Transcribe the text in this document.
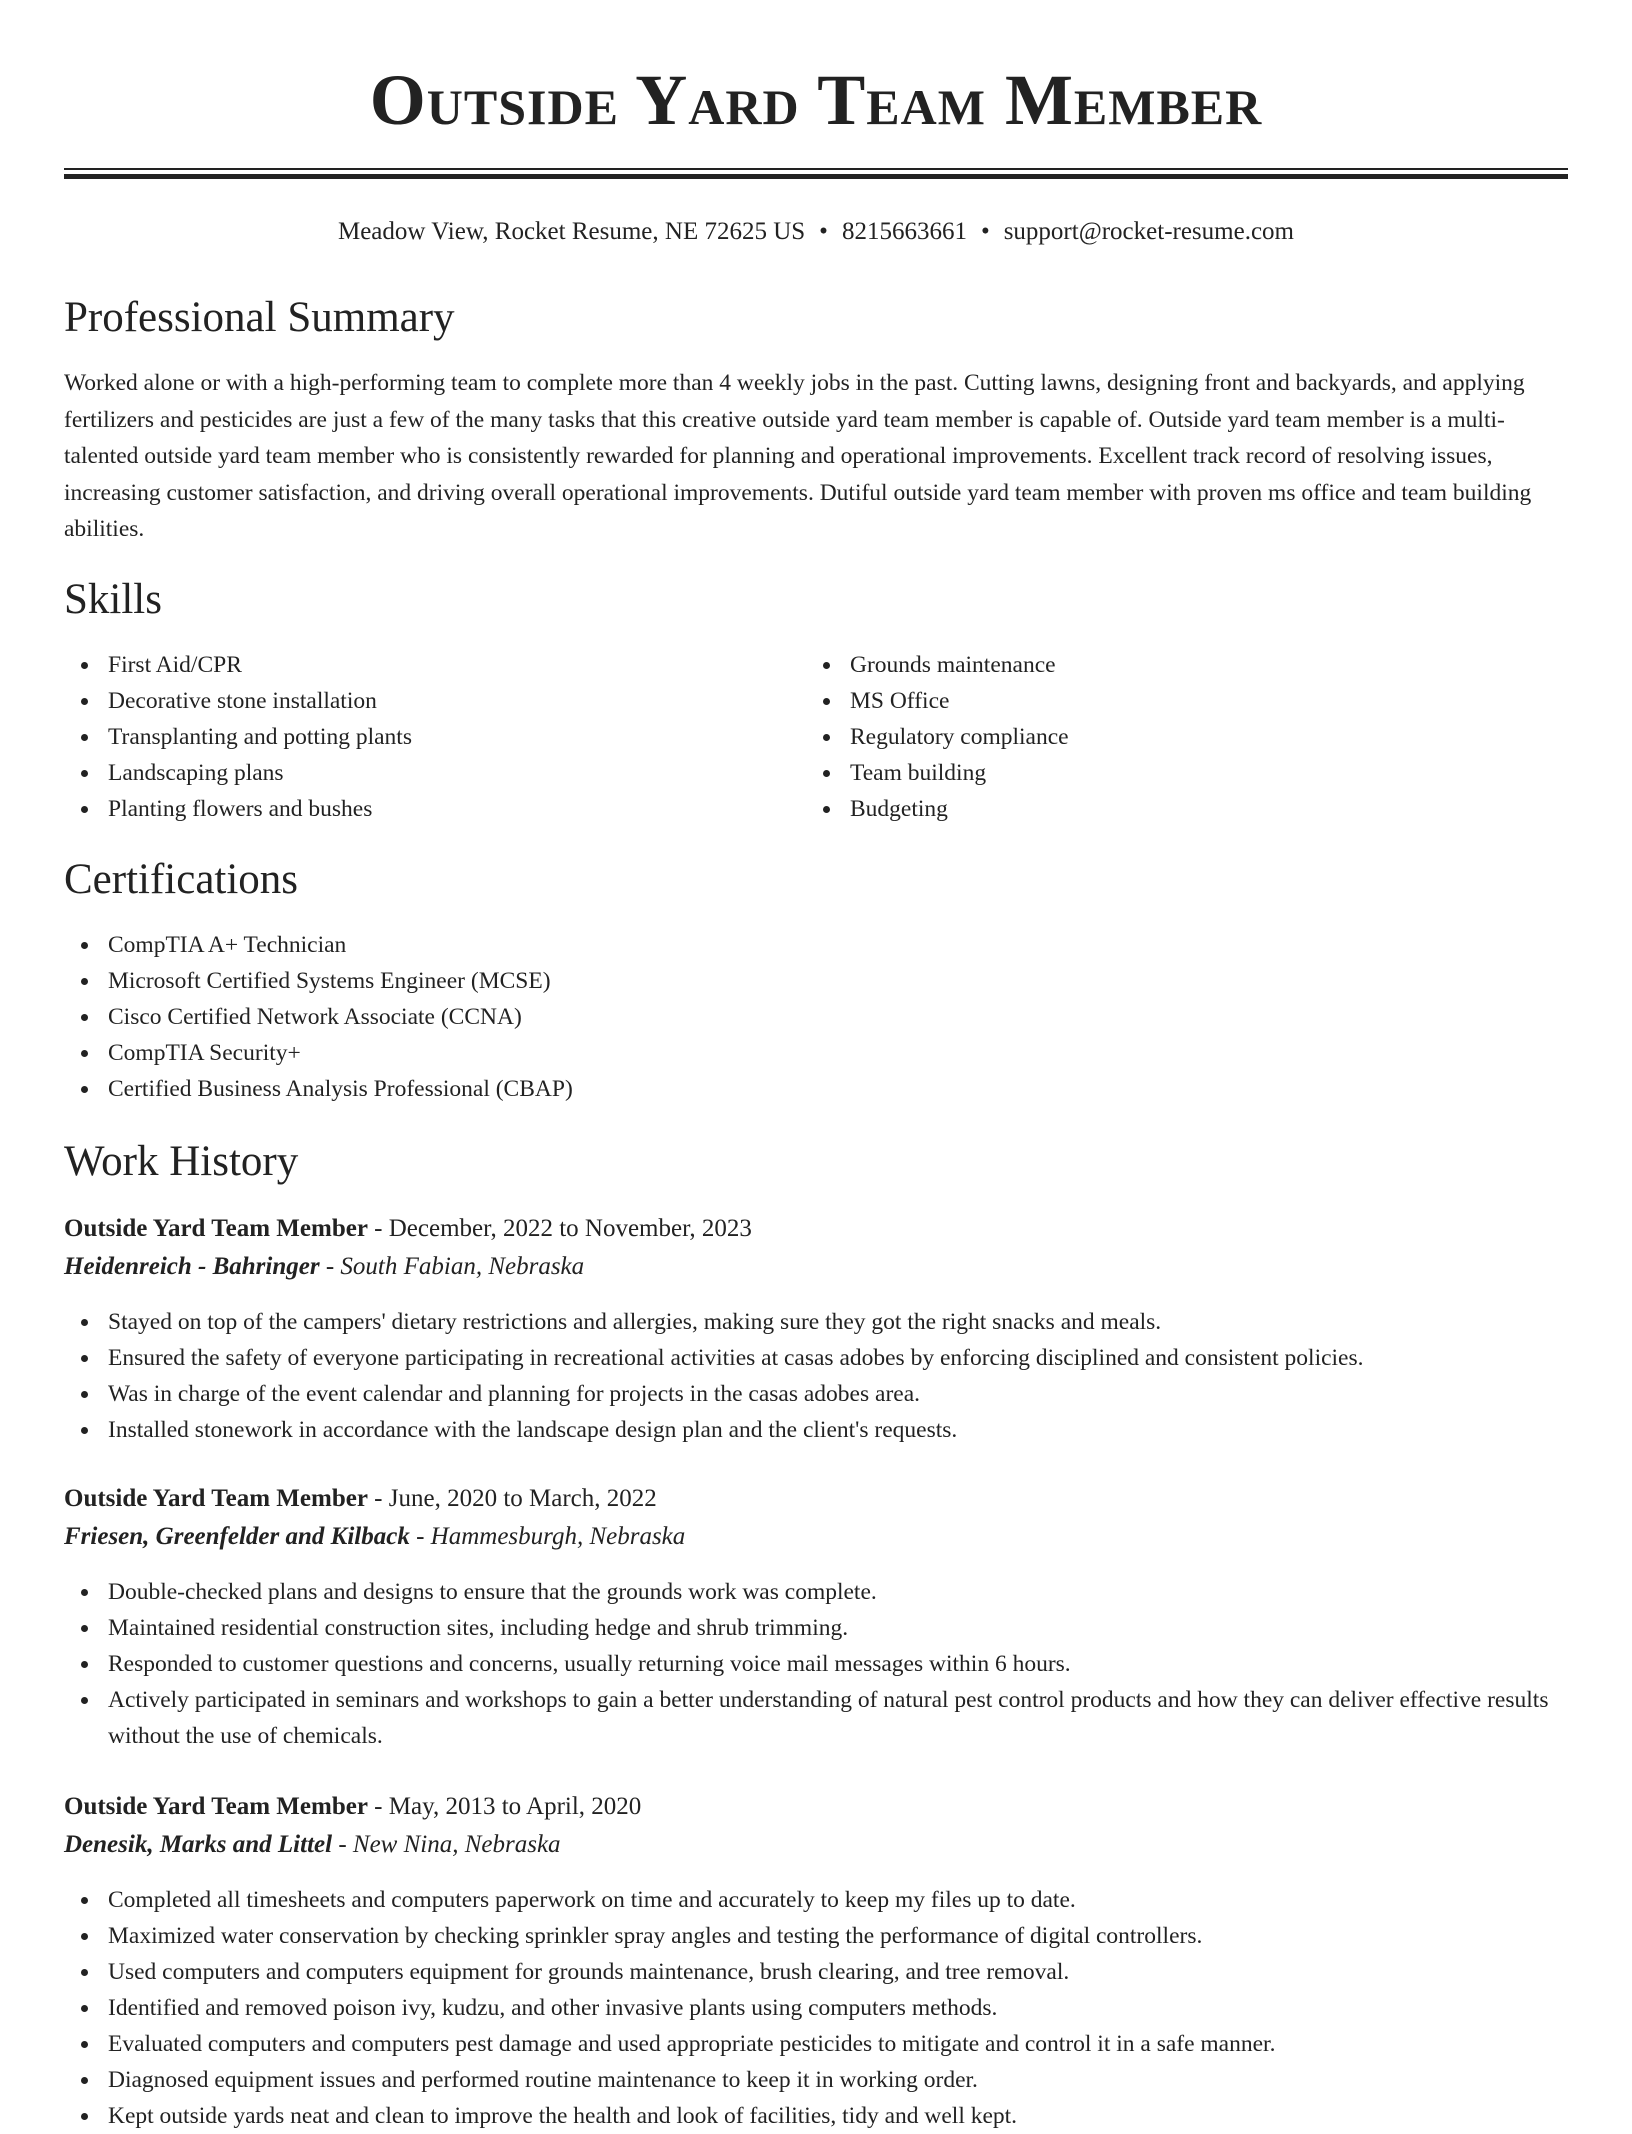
Outside Yard Team Member
Meadow View, Rocket Resume, NE 72625 US • 8215663661 • support@rocket-resume.com
Professional Summary

Worked alone or with a high-performing team to complete more than 4 weekly jobs in the past. Cutting lawns, designing front and backyards, and applying fertilizers and pesticides are just a few of the many tasks that this creative outside yard team member is capable of. Outside yard team member is a multi-talented outside yard team member who is consistently rewarded for planning and operational improvements. Excellent track record of resolving issues, increasing customer satisfaction, and driving overall operational improvements. Dutiful outside yard team member with proven ms office and team building abilities.

Skills
First Aid/CPR
Decorative stone installation
Transplanting and potting plants
Landscaping plans
Planting flowers and bushes
Grounds maintenance
MS Office
Regulatory compliance
Team building
Budgeting
Certifications
CompTIA A+ Technician
Microsoft Certified Systems Engineer (MCSE)
Cisco Certified Network Associate (CCNA)
CompTIA Security+
Certified Business Analysis Professional (CBAP)
Work History
Outside Yard Team Member - December, 2022 to November, 2023
Heidenreich - Bahringer - South Fabian, Nebraska
Stayed on top of the campers' dietary restrictions and allergies, making sure they got the right snacks and meals.
Ensured the safety of everyone participating in recreational activities at casas adobes by enforcing disciplined and consistent policies.
Was in charge of the event calendar and planning for projects in the casas adobes area.
Installed stonework in accordance with the landscape design plan and the client's requests.
Outside Yard Team Member - June, 2020 to March, 2022
Friesen, Greenfelder and Kilback - Hammesburgh, Nebraska
Double-checked plans and designs to ensure that the grounds work was complete.
Maintained residential construction sites, including hedge and shrub trimming.
Responded to customer questions and concerns, usually returning voice mail messages within 6 hours.
Actively participated in seminars and workshops to gain a better understanding of natural pest control products and how they can deliver effective results without the use of chemicals.
Outside Yard Team Member - May, 2013 to April, 2020
Denesik, Marks and Littel - New Nina, Nebraska
Completed all timesheets and computers paperwork on time and accurately to keep my files up to date.
Maximized water conservation by checking sprinkler spray angles and testing the performance of digital controllers.
Used computers and computers equipment for grounds maintenance, brush clearing, and tree removal.
Identified and removed poison ivy, kudzu, and other invasive plants using computers methods.
Evaluated computers and computers pest damage and used appropriate pesticides to mitigate and control it in a safe manner.
Diagnosed equipment issues and performed routine maintenance to keep it in working order.
Kept outside yards neat and clean to improve the health and look of facilities, tidy and well kept.
